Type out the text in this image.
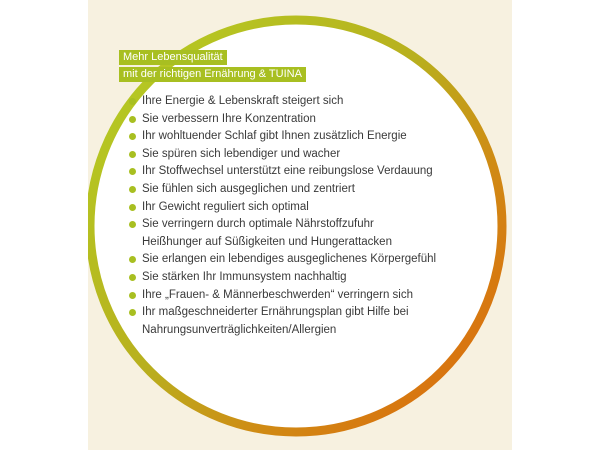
Mehr Lebensqualität
mit der richtigen Ernährung & TUINA
Ihre Energie & Lebenskraft steigert sich
Sie verbessern Ihre Konzentration
Ihr wohltuender Schlaf gibt Ihnen zusätzlich Energie
Sie spüren sich lebendiger und wacher
Ihr Stoffwechsel unterstützt eine reibungslose Verdauung
Sie fühlen sich ausgeglichen und zentriert
Ihr Gewicht reguliert sich optimal
Sie verringern durch optimale Nährstoffzufuhr
Heißhunger auf Süßigkeiten und Hungerattacken
Sie erlangen ein lebendiges ausgeglichenes Körpergefühl
Sie stärken Ihr Immunsystem nachhaltig
Ihre „Frauen- & Männerbeschwerden“ verringern sich
Ihr maßgeschneiderter Ernährungsplan gibt Hilfe bei
Nahrungsunverträglichkeiten/Allergien
